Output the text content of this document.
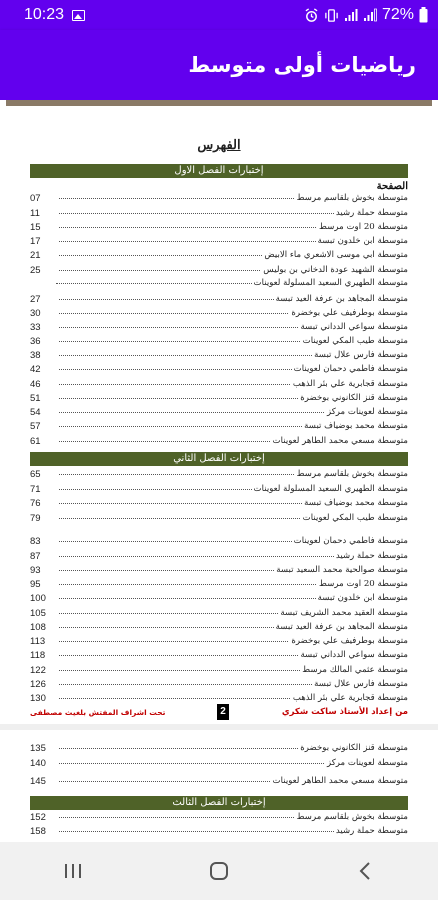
10:23	72%
رياضيات أولى متوسط
الفهرس
إختبارات الفصل الاول
الصفحة
متوسطة بخوش بلقاسم مرسط
07
متوسطة حملة رشيد
11
متوسطة 20 اوت مرسط
15
متوسطة ابن خلدون تبسة
17
متوسطة ابي موسى الاشعري ماء الابيض
21
متوسطة الشهيد عودة الدخاني بن بوليس
25
متوسطة الطهيري السعيد المسلولة لعوينات
متوسطة المجاهد بن عرفة العيد تبسة
27
متوسطة بوطرفيف علي بوخضرة
30
متوسطة سواعي الدداني تبسة
33
متوسطة طيب المكي لعوينات
36
متوسطة فارس علال تبسة
38
متوسطة فاطمي دحمان لعوينات
42
متوسطة قجابرية علي بئر الذهب
46
متوسطة قنز الكانوني بوخضرة
51
متوسطة لعوينات مركز
54
متوسطة محمد بوضياف تبسة
57
متوسطة مسعي محمد الطاهر لعوينات
61
إختبارات الفصل الثاني
متوسطة بخوش بلقاسم مرسط
65
متوسطة الطهيري السعيد المسلولة لعوينات
71
متوسطة محمد بوضياف تبسة
76
متوسطة طيب المكي لعوينات
79
متوسطة فاطمي دحمان لعوينات
83
متوسطة حملة رشيد
87
متوسطة صوالحية محمد السعيد تبسة
93
متوسطة 20 اوت مرسط
95
متوسطة ابن خلدون تبسة
100
متوسطة العقيد محمد الشريف تبسة
105
متوسطة المجاهد بن عرفة العيد تبسة
108
متوسطة بوطرفيف علي بوخضرة
113
متوسطة سواعي الدداني تبسة
118
متوسطة عثمي المالك مرسط
122
متوسطة فارس علال تبسة
126
متوسطة قجابرية علي بئر الذهب
130
من إعداد الأستاذ ساكت شكري
2
تحت اشراف المفتش بلغيث مصطفى
متوسطة قنز الكانوني بوخضرة
135
متوسطة لعوينات مركز
140
متوسطة مسعي محمد الطاهر لعوينات
145
إختبارات الفصل الثالث
متوسطة بخوش بلقاسم مرسط
152
متوسطة حملة رشيد
158
